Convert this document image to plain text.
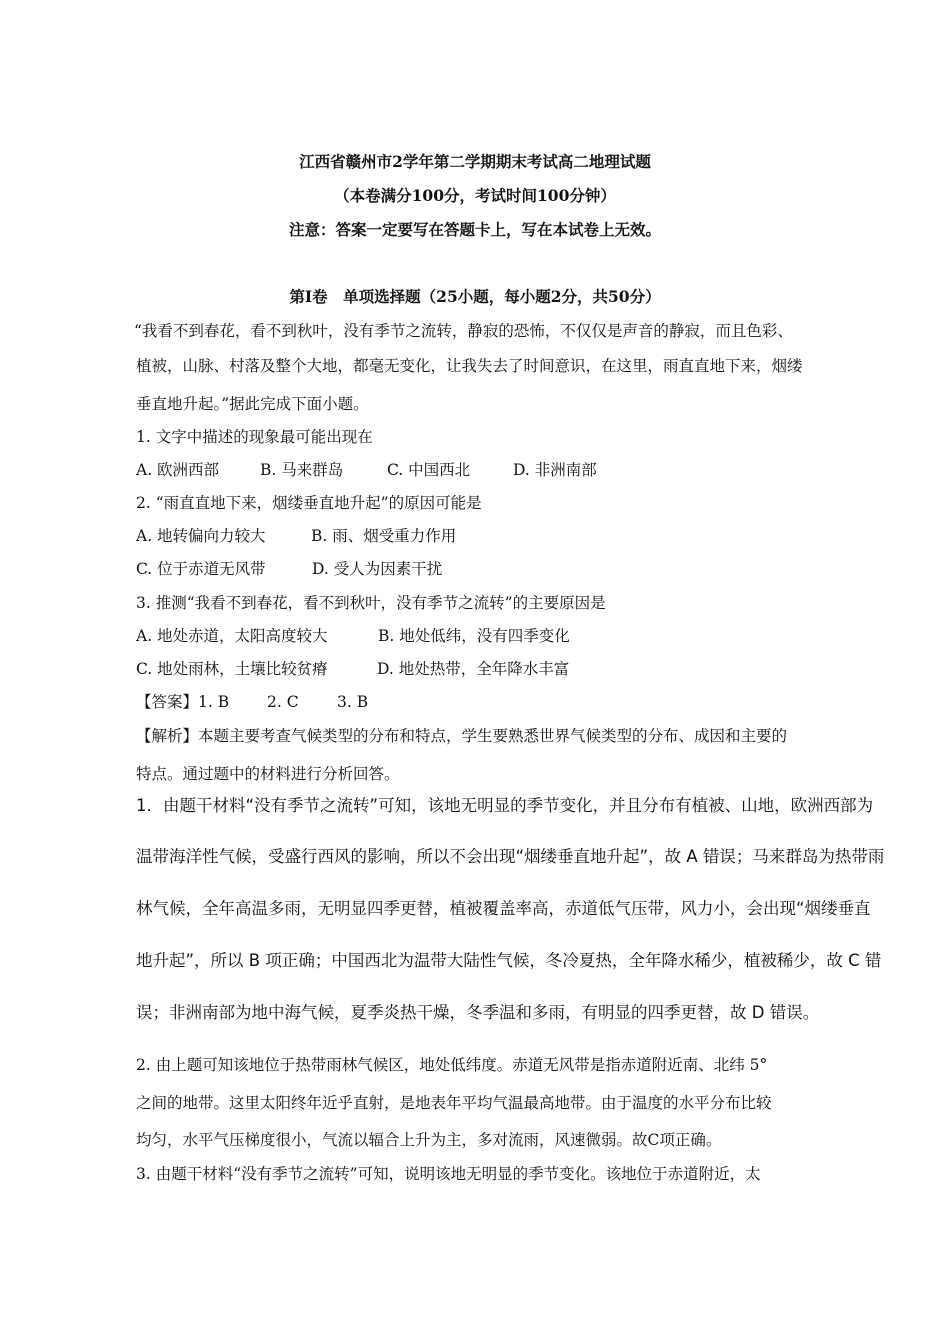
江西省赣州市2学年第二学期期末考试高二地理试题
（本卷满分100分，考试时间100分钟）
注意：答案一定要写在答题卡上，写在本试卷上无效。
第Ⅰ卷　单项选择题（25小题，每小题2分，共50分）
“我看不到春花，看不到秋叶，没有季节之流转，静寂的恐怖，不仅仅是声音的静寂，而且色彩、
植被，山脉、村落及整个大地，都毫无变化，让我失去了时间意识，在这里，雨直直地下来，烟缕
垂直地升起。”据此完成下面小题。
1. 文字中描述的现象最可能出现在
A. 欧洲西部	B. 马来群岛	C. 中国西北	D. 非洲南部
2. “雨直直地下来，烟缕垂直地升起”的原因可能是
A. 地转偏向力较大	B. 雨、烟受重力作用
C. 位于赤道无风带	D. 受人为因素干扰
3. 推测“我看不到春花，看不到秋叶，没有季节之流转”的主要原因是
A. 地处赤道，太阳高度较大	B. 地处低纬，没有四季变化
C. 地处雨林，土壤比较贫瘠	D. 地处热带，全年降水丰富
【答案】1. B 2. C 3. B
【解析】本题主要考查气候类型的分布和特点，学生要熟悉世界气候类型的分布、成因和主要的
特点。通过题中的材料进行分析回答。
1．由题干材料“没有季节之流转”可知，该地无明显的季节变化，并且分布有植被、山地，欧洲西部为
温带海洋性气候，受盛行西风的影响，所以不会出现“烟缕垂直地升起”，故 A 错误；马来群岛为热带雨
林气候，全年高温多雨，无明显四季更替，植被覆盖率高，赤道低气压带，风力小，会出现“烟缕垂直
地升起”，所以 B 项正确；中国西北为温带大陆性气候，冬冷夏热，全年降水稀少，植被稀少，故 C 错
误；非洲南部为地中海气候，夏季炎热干燥，冬季温和多雨，有明显的四季更替，故 D 错误。
2. 由上题可知该地位于热带雨林气候区，地处低纬度。赤道无风带是指赤道附近南、北纬 5°
之间的地带。这里太阳终年近乎直射，是地表年平均气温最高地带。由于温度的水平分布比较
均匀，水平气压梯度很小，气流以辐合上升为主，多对流雨，风速微弱。故C项正确。
3. 由题干材料“没有季节之流转”可知，说明该地无明显的季节变化。该地位于赤道附近，太
